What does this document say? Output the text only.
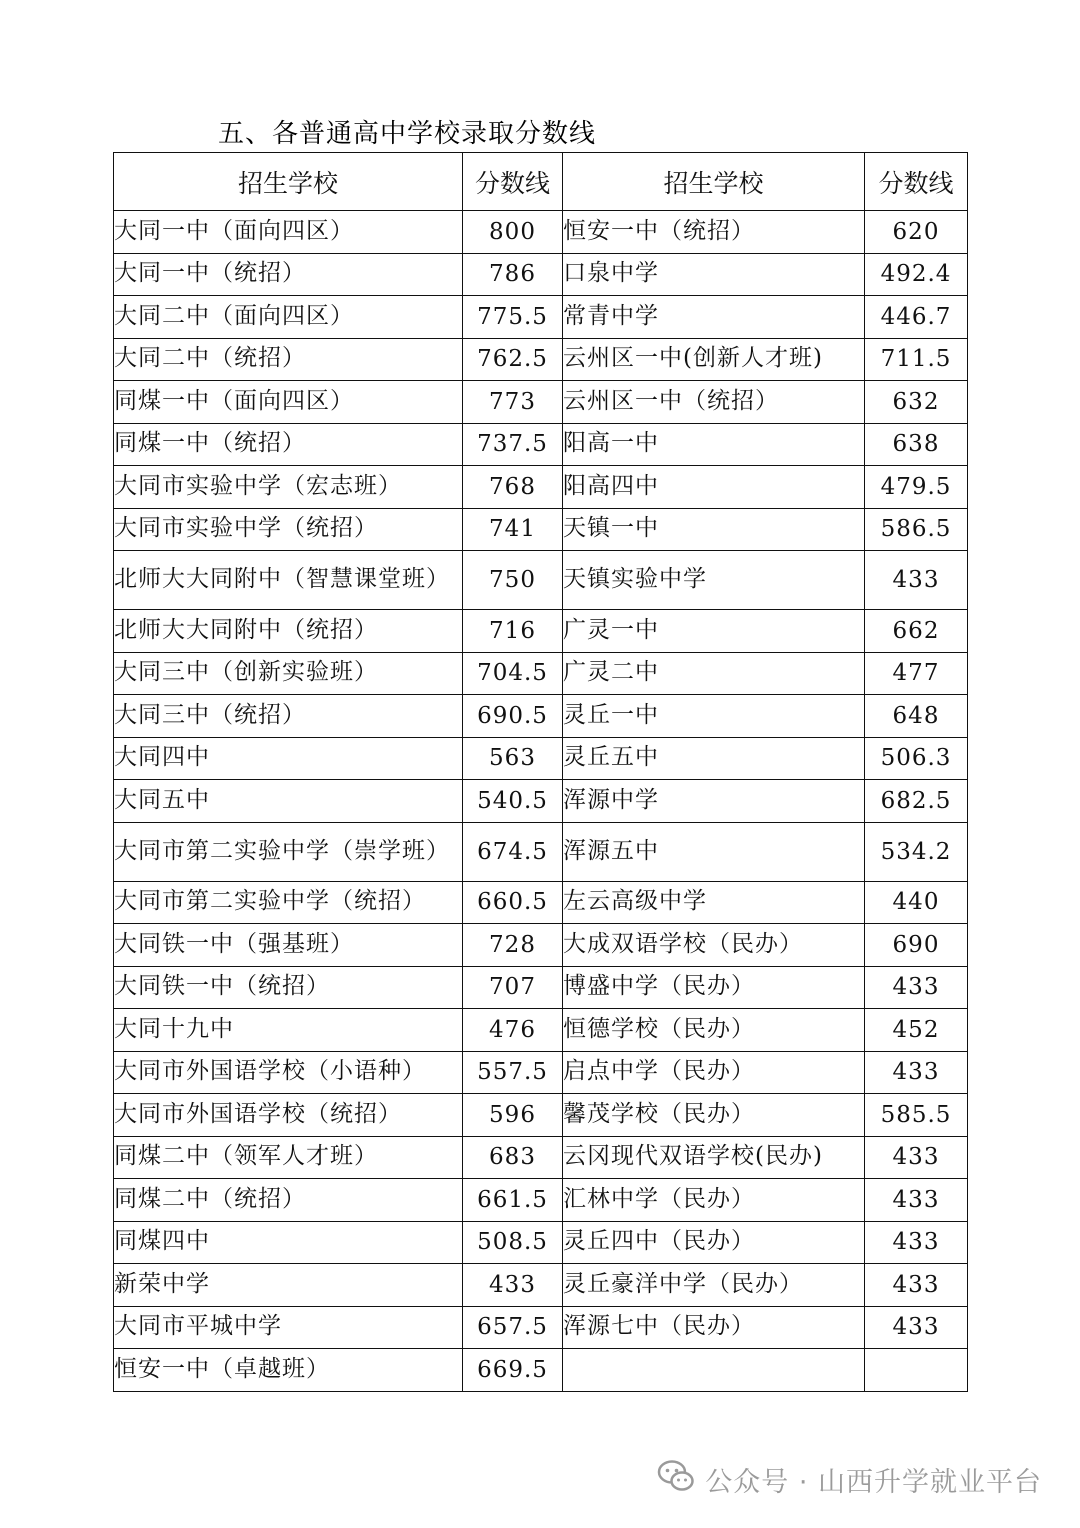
五、各普通高中学校录取分数线
招生学校	分数线	招生学校	分数线
大同一中（面向四区）	800	恒安一中（统招）	620
大同一中（统招）	786	口泉中学	492.4
大同二中（面向四区）	775.5	常青中学	446.7
大同二中（统招）	762.5	云州区一中(创新人才班)	711.5
同煤一中（面向四区）	773	云州区一中（统招）	632
同煤一中（统招）	737.5	阳高一中	638
大同市实验中学（宏志班）	768	阳高四中	479.5
大同市实验中学（统招）	741	天镇一中	586.5
北师大大同附中（智慧课堂班）	750	天镇实验中学	433
北师大大同附中（统招）	716	广灵一中	662
大同三中（创新实验班）	704.5	广灵二中	477
大同三中（统招）	690.5	灵丘一中	648
大同四中	563	灵丘五中	506.3
大同五中	540.5	浑源中学	682.5
大同市第二实验中学（崇学班）	674.5	浑源五中	534.2
大同市第二实验中学（统招）	660.5	左云高级中学	440
大同铁一中（强基班）	728	大成双语学校（民办）	690
大同铁一中（统招）	707	博盛中学（民办）	433
大同十九中	476	恒德学校（民办）	452
大同市外国语学校（小语种）	557.5	启点中学（民办）	433
大同市外国语学校（统招）	596	馨茂学校（民办）	585.5
同煤二中（领军人才班）	683	云冈现代双语学校(民办)	433
同煤二中（统招）	661.5	汇林中学（民办）	433
同煤四中	508.5	灵丘四中（民办）	433
新荣中学	433	灵丘豪洋中学（民办）	433
大同市平城中学	657.5	浑源七中（民办）	433
恒安一中（卓越班）	669.5		
公众号 · 山西升学就业平台
